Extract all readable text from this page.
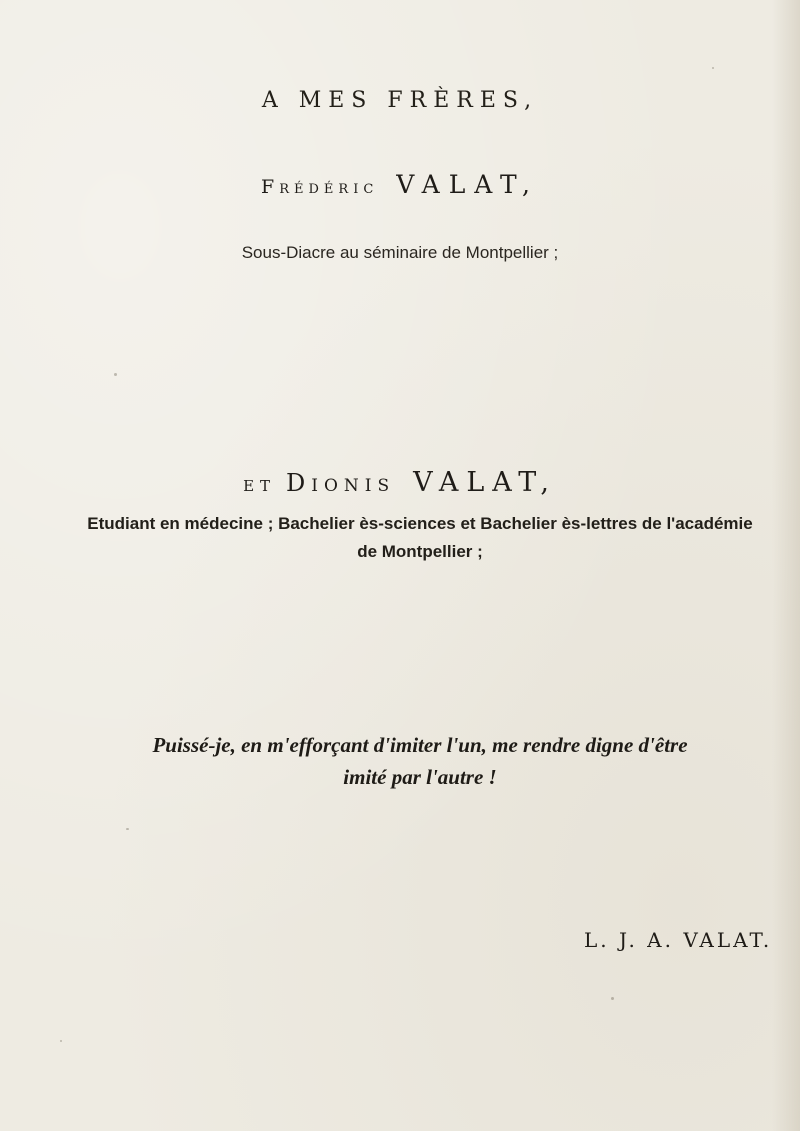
A MES FRÈRES,
Frédéric VALAT,
Sous-Diacre au séminaire de Montpellier ;
ET Dionis VALAT,
Etudiant en médecine ; Bachelier ès-sciences et Bachelier ès-lettres de l'académie de Montpellier ;
Puissé-je, en m'efforçant d'imiter l'un, me rendre digne d'être imité par l'autre !
L. J. A. VALAT.
